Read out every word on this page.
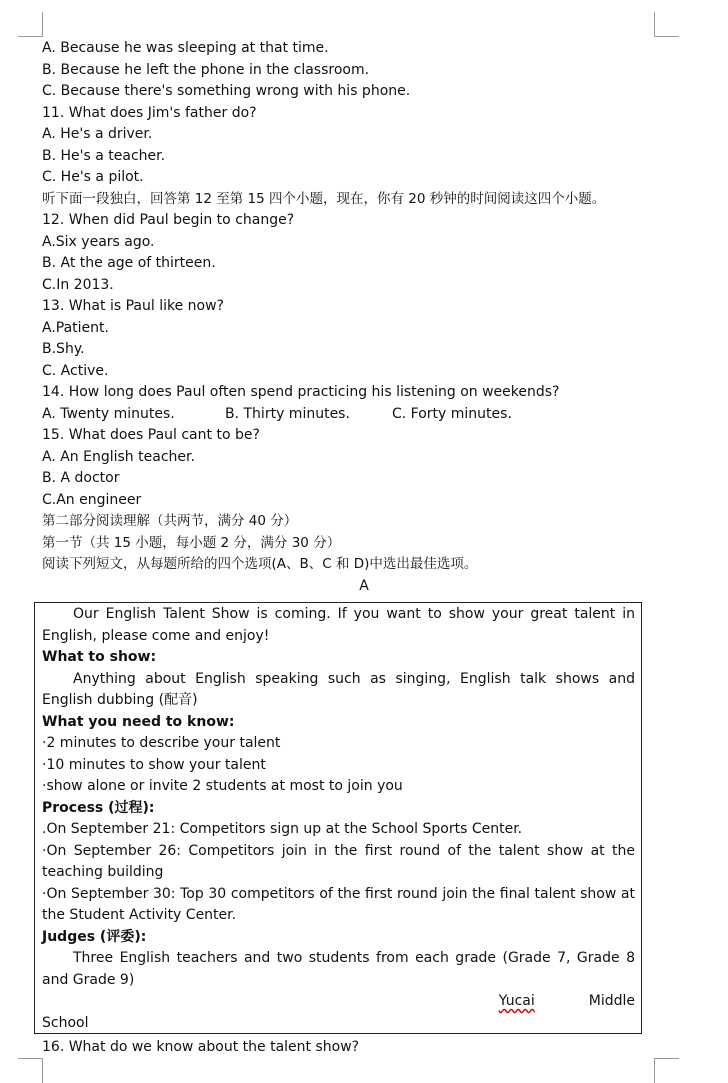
A. Because he was sleeping at that time.
B. Because he left the phone in the classroom.
C. Because there's something wrong with his phone.
11. What does Jim's father do?
A. He's a driver.
B. He's a teacher.
C. He's a pilot.
听下面一段独白，回答第 12 至第 15 四个小题，现在，你有 20 秒钟的时间阅读这四个小题。
12. When did Paul begin to change?
A.Six years ago.
B. At the age of thirteen.
C.In 2013.
13. What is Paul like now?
A.Patient.
B.Shy.
C. Active.
14. How long does Paul often spend practicing his listening on weekends?
A. Twenty minutes.	B. Thirty minutes.	C. Forty minutes.
15. What does Paul cant to be?
A. An English teacher.
B. A doctor
C.An engineer
第二部分阅读理解（共两节，满分 40 分）
第一节（共 15 小题，每小题 2 分，满分 30 分）
阅读下列短文，从每题所给的四个选项(A、B、C 和 D)中选出最佳选项。
A
Our English Talent Show is coming. If you want to show your great talent in English, please come and enjoy!
What to show:
Anything about English speaking such as singing, English talk shows and English dubbing (配音)
What you need to know:
·2 minutes to describe your talent
·10 minutes to show your talent
·show alone or invite 2 students at most to join you
Process (过程):
.On September 21: Competitors sign up at the School Sports Center.
·On September 26: Competitors join in the first round of the talent show at the teaching building
·On September 30: Top 30 competitors of the first round join the final talent show at the Student Activity Center.
Judges (评委):
Three English teachers and two students from each grade (Grade 7, Grade 8 and Grade 9)
Yucai	Middle
School
16. What do we know about the talent show?
